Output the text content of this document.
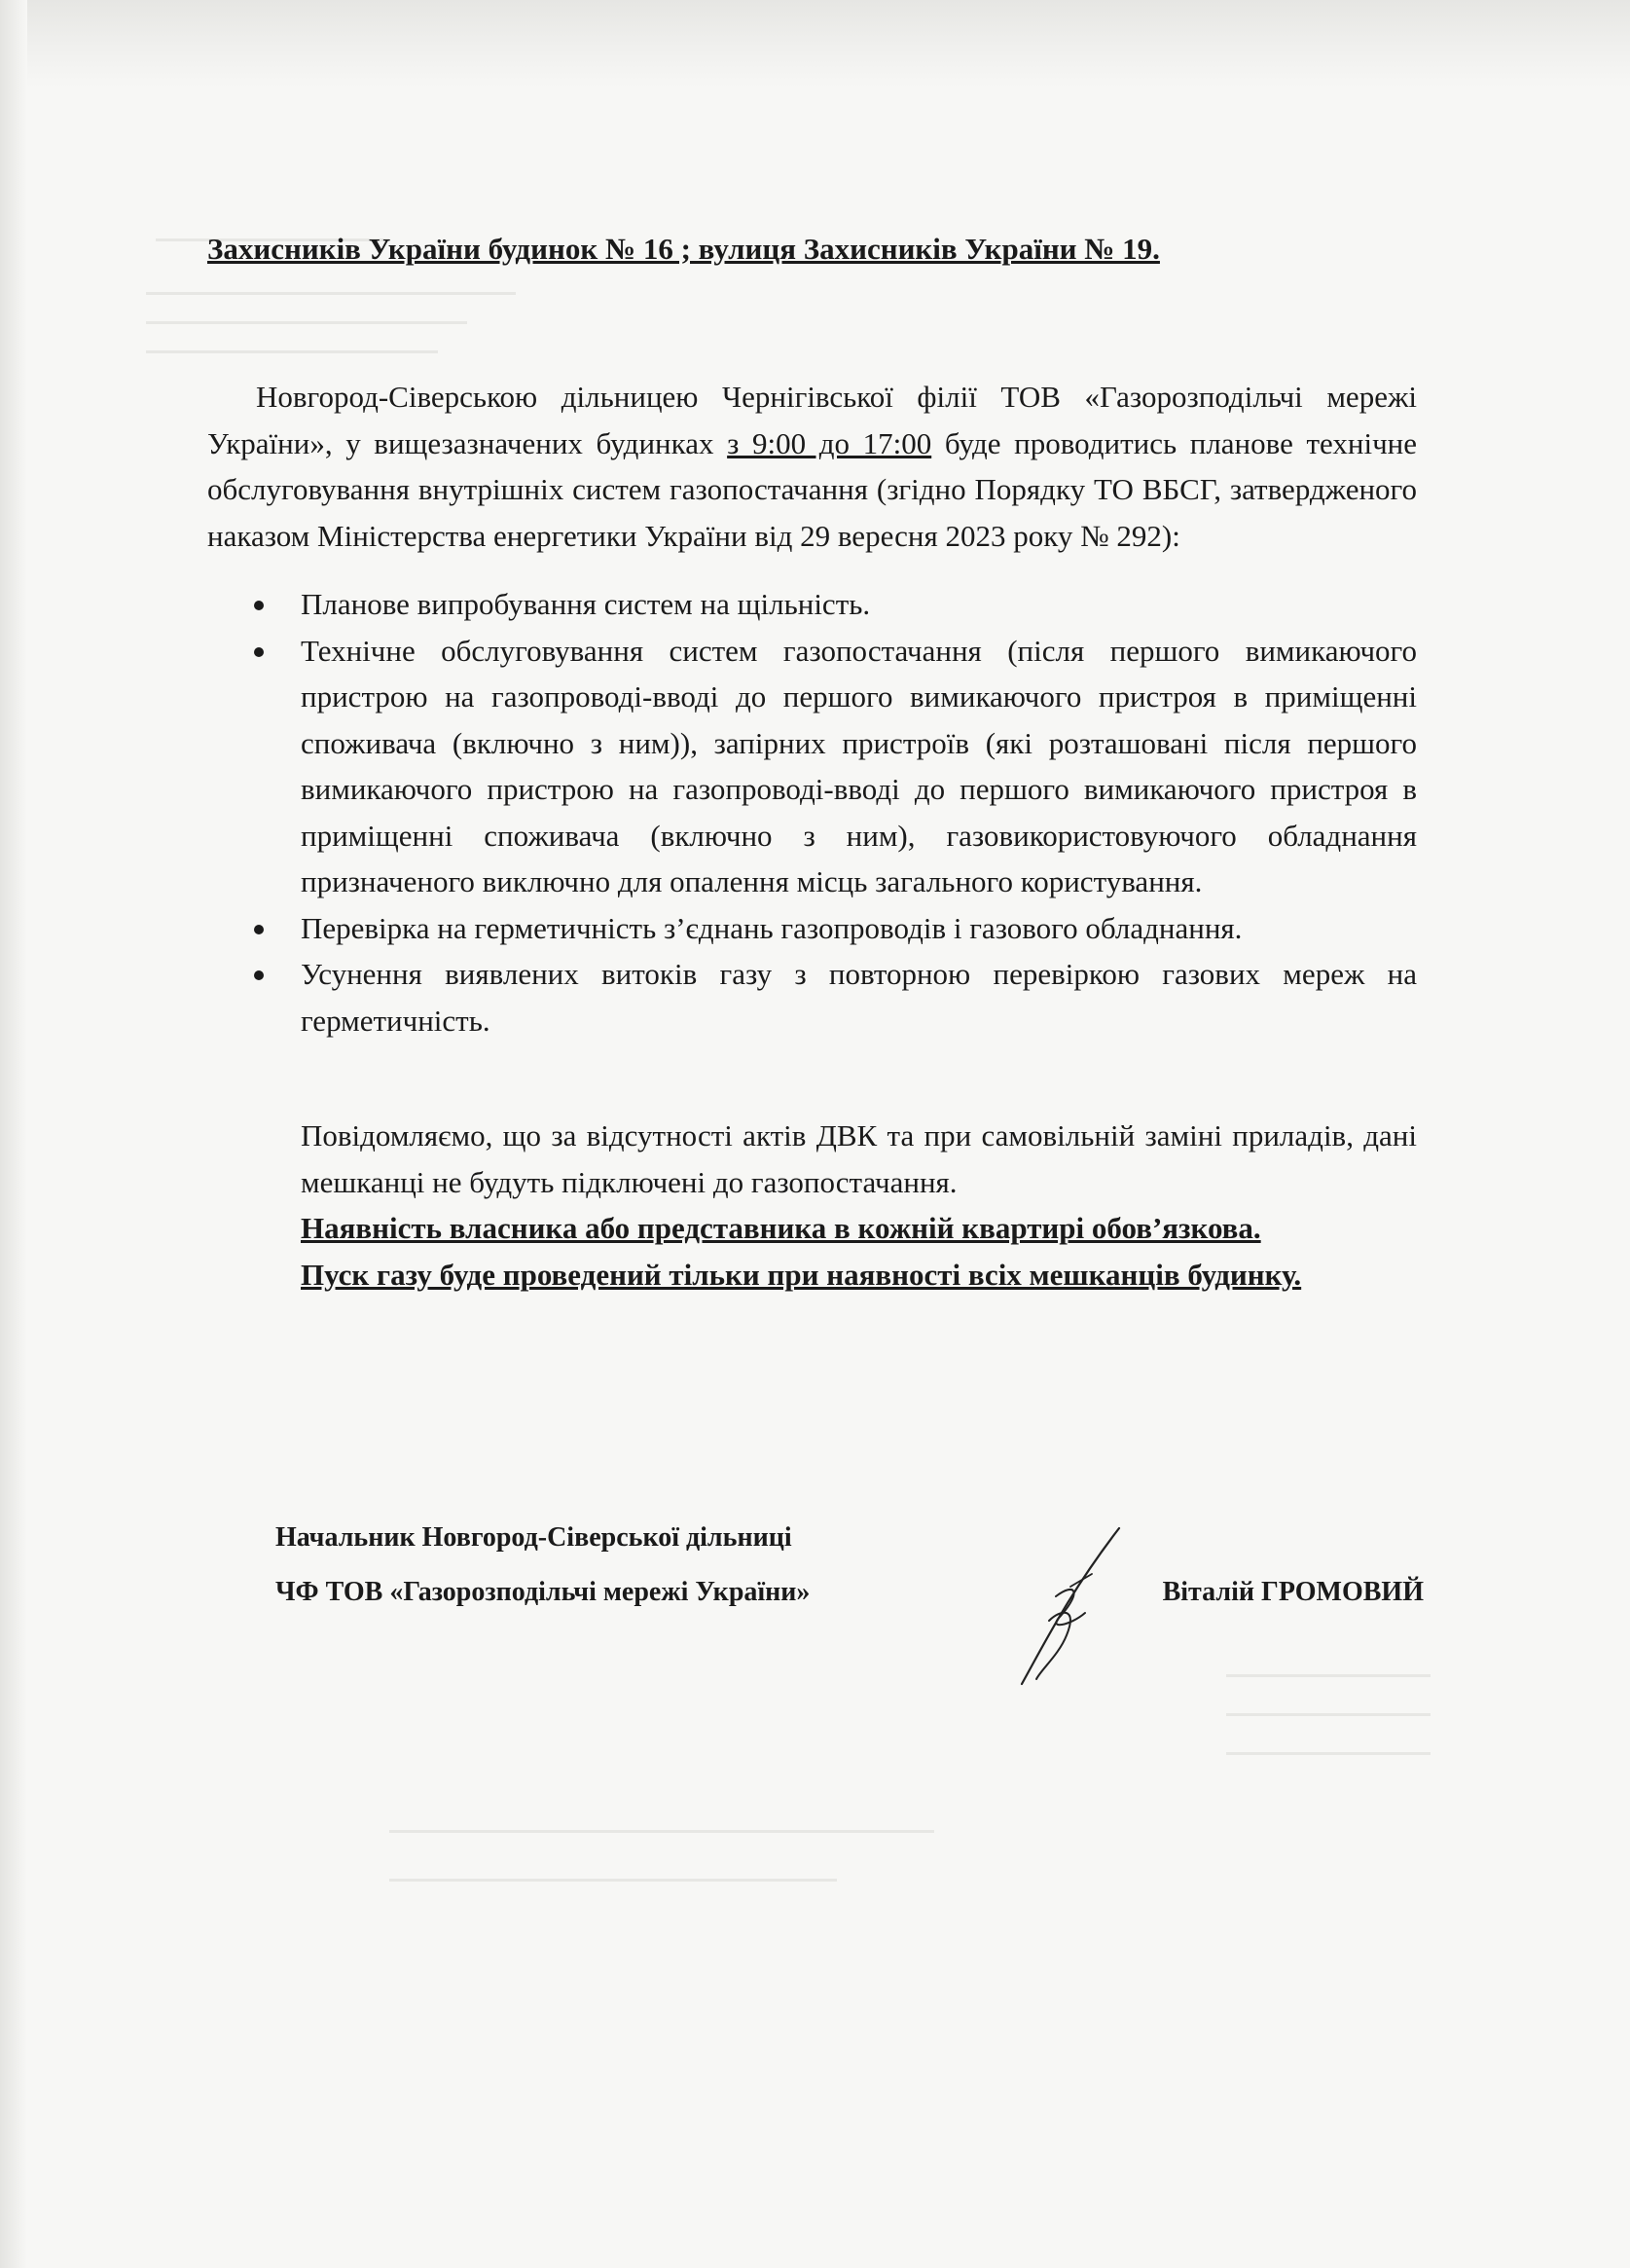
Захисників України будинок № 16 ; вулиця Захисників України № 19.
Новгород-Сіверською дільницею Чернігівської філії ТОВ «Газорозподільчі мережі України», у вищезазначених будинках з 9:00 до 17:00 буде проводитись планове технічне обслуговування внутрішніх систем газопостачання (згідно Порядку ТО ВБСГ, затвердженого наказом Міністерства енергетики України від 29 вересня 2023 року № 292):
Планове випробування систем на щільність.
Технічне обслуговування систем газопостачання (після першого вимикаючого пристрою на газопроводі-вводі до першого вимикаючого пристроя в приміщенні споживача (включно з ним)), запірних пристроїв (які розташовані після першого вимикаючого пристрою на газопроводі-вводі до першого вимикаючого пристроя в приміщенні споживача (включно з ним), газовикористовуючого обладнання призначеного виключно для опалення місць загального користування.
Перевірка на герметичність з’єднань газопроводів і газового обладнання.
Усунення виявлених витоків газу з повторною перевіркою газових мереж на герметичність.

Повідомляємо, що за відсутності актів ДВК та при самовільній заміні приладів, дані мешканці не будуть підключені до газопостачання.

Наявність власника або представника в кожній квартирі обов’язкова.

Пуск газу буде проведений тільки при наявності всіх мешканців будинку.

Начальник Новгород-Сіверської дільниці
ЧФ ТОВ «Газорозподільчі мережі України»	Віталій ГРОМОВИЙ
